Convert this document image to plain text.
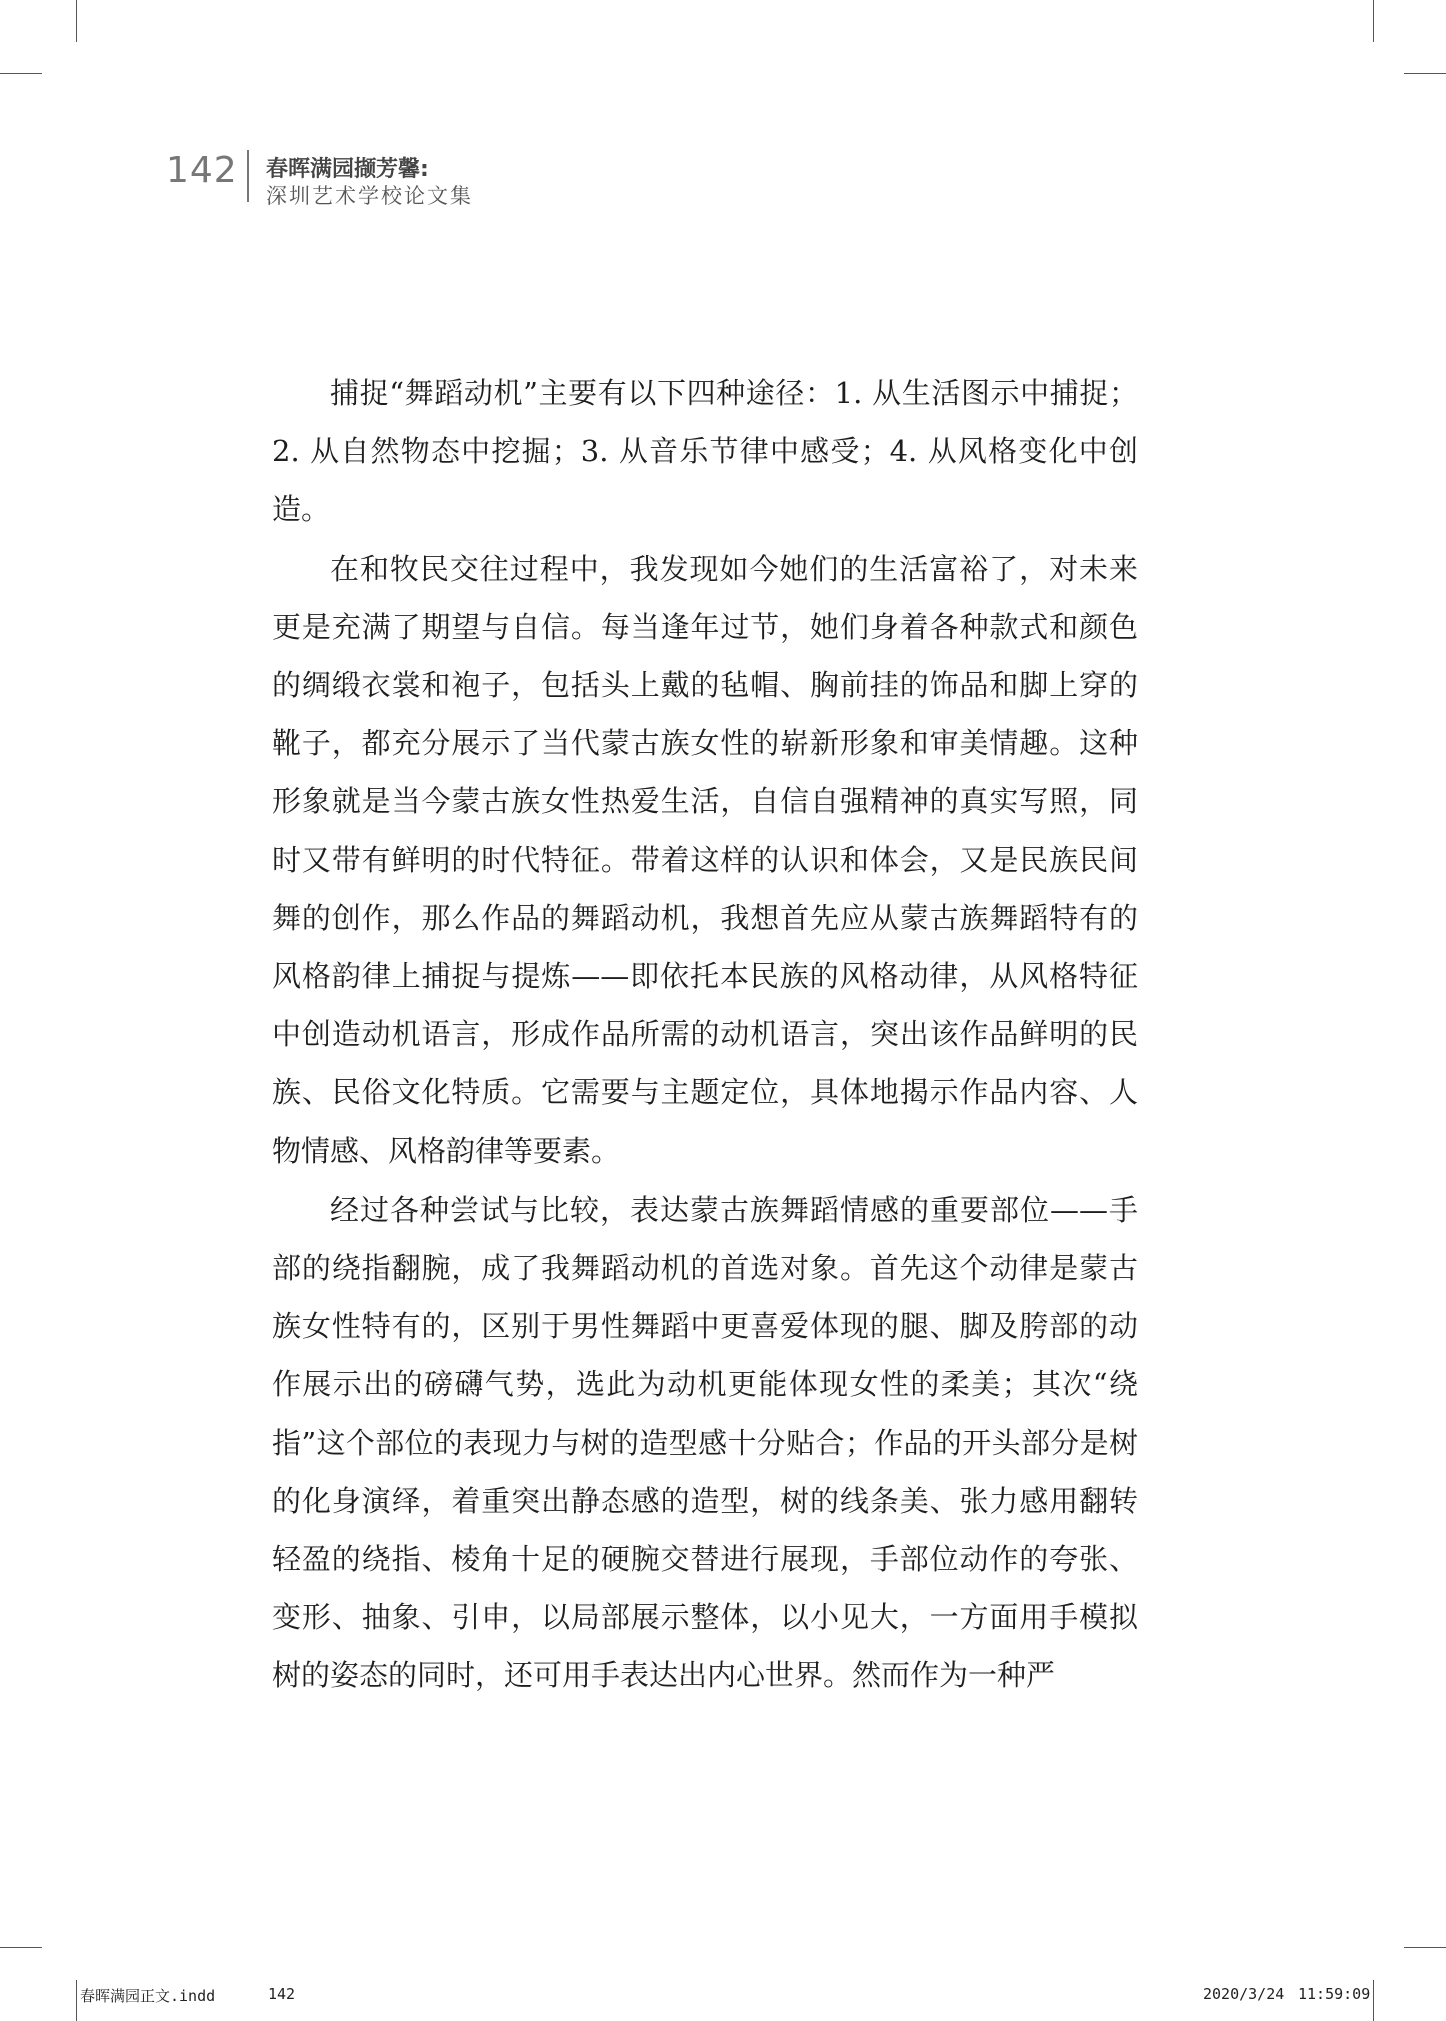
142 春晖满园撷芳馨:
深圳艺术学校论文集

捕捉“舞蹈动机”主要有以下四种途径：1. 从生活图示中捕捉；2. 从自然物态中挖掘；3. 从音乐节律中感受；4. 从风格变化中创造。

在和牧民交往过程中，我发现如今她们的生活富裕了，对未来更是充满了期望与自信。每当逢年过节，她们身着各种款式和颜色的绸缎衣裳和袍子，包括头上戴的毡帽、胸前挂的饰品和脚上穿的靴子，都充分展示了当代蒙古族女性的崭新形象和审美情趣。这种形象就是当今蒙古族女性热爱生活，自信自强精神的真实写照，同时又带有鲜明的时代特征。带着这样的认识和体会，又是民族民间舞的创作，那么作品的舞蹈动机，我想首先应从蒙古族舞蹈特有的风格韵律上捕捉与提炼——即依托本民族的风格动律，从风格特征中创造动机语言，形成作品所需的动机语言，突出该作品鲜明的民族、民俗文化特质。它需要与主题定位，具体地揭示作品内容、人物情感、风格韵律等要素。

经过各种尝试与比较，表达蒙古族舞蹈情感的重要部位——手部的绕指翻腕，成了我舞蹈动机的首选对象。首先这个动律是蒙古族女性特有的，区别于男性舞蹈中更喜爱体现的腿、脚及胯部的动作展示出的磅礴气势，选此为动机更能体现女性的柔美；其次“绕指”这个部位的表现力与树的造型感十分贴合；作品的开头部分是树的化身演绎，着重突出静态感的造型，树的线条美、张力感用翻转轻盈的绕指、棱角十足的硬腕交替进行展现，手部位动作的夸张、变形、抽象、引申，以局部展示整体，以小见大，一方面用手模拟树的姿态的同时，还可用手表达出内心世界。然而作为一种严

春晖满园正文.indd	142	2020/3/24 11:59:09
